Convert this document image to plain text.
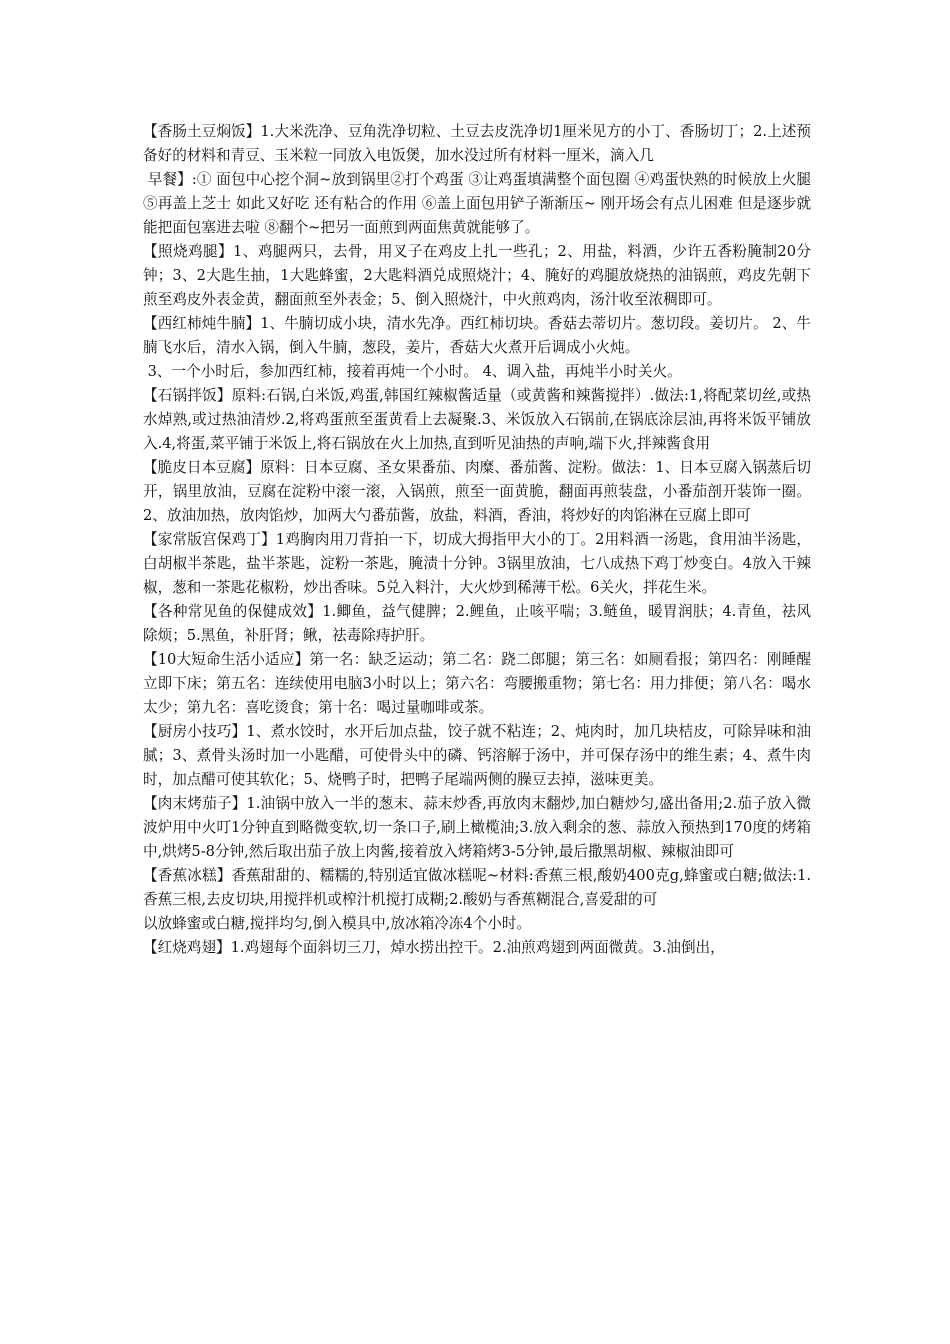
【香肠土豆焖饭】1.大米洗净、豆角洗净切粒、土豆去皮洗净切1厘米见方的小丁、香肠切丁；2.上述预备好的材料和青豆、玉米粒一同放入电饭煲，加水没过所有材料一厘米，滴入几

早餐】:① 面包中心挖个洞~放到锅里②打个鸡蛋 ③让鸡蛋填满整个面包圈 ④鸡蛋快熟的时候放上火腿 ⑤再盖上芝士 如此又好吃 还有粘合的作用 ⑥盖上面包用铲子渐渐压~ 刚开场会有点儿困难 但是逐步就能把面包塞进去啦 ⑧翻个~把另一面煎到两面焦黄就能够了。

【照烧鸡腿】1、鸡腿两只，去骨，用叉子在鸡皮上扎一些孔；2、用盐，料酒，少许五香粉腌制20分钟；3、2大匙生抽，1大匙蜂蜜，2大匙料酒兑成照烧汁；4、腌好的鸡腿放烧热的油锅煎，鸡皮先朝下煎至鸡皮外表金黄，翻面煎至外表金；5、倒入照烧汁，中火煎鸡肉，汤汁收至浓稠即可。

【西红柿炖牛腩】1、牛腩切成小块，清水先净。西红柿切块。香菇去蒂切片。葱切段。姜切片。 2、牛腩飞水后，清水入锅，倒入牛腩，葱段，姜片，香菇大火煮开后调成小火炖。

3、一个小时后，参加西红柿，接着再炖一个小时。 4、调入盐，再炖半小时关火。

【石锅拌饭】原料:石锅,白米饭,鸡蛋,韩国红辣椒酱适量（或黄酱和辣酱搅拌）.做法:1,将配菜切丝,或热水焯熟,或过热油清炒.2,将鸡蛋煎至蛋黄看上去凝聚.3、米饭放入石锅前,在锅底涂层油,再将米饭平铺放入.4,将蛋,菜平铺于米饭上,将石锅放在火上加热,直到听见油热的声响,端下火,拌辣酱食用

【脆皮日本豆腐】原料：日本豆腐、圣女果番茄、肉糜、番茄酱、淀粉。做法：1、日本豆腐入锅蒸后切开，锅里放油，豆腐在淀粉中滚一滚，入锅煎，煎至一面黄脆，翻面再煎装盘，小番茄剖开装饰一圈。2、放油加热，放肉馅炒，加两大勺番茄酱，放盐，料酒，香油，将炒好的肉馅淋在豆腐上即可

【家常版宫保鸡丁】1鸡胸肉用刀背拍一下，切成大拇指甲大小的丁。2用料酒一汤匙，食用油半汤匙，白胡椒半茶匙，盐半茶匙，淀粉一茶匙，腌渍十分钟。3锅里放油，七八成热下鸡丁炒变白。4放入干辣椒，葱和一茶匙花椒粉，炒出香味。5兑入料汁，大火炒到稀薄干松。6关火，拌花生米。

【各种常见鱼的保健成效】1.鲫鱼，益气健脾；2.鲤鱼，止咳平喘；3.鲢鱼，暖胃润肤；4.青鱼，祛风除烦；5.黑鱼，补肝肾；鳅，祛毒除痔护肝。

【10大短命生活小适应】第一名：缺乏运动；第二名：跷二郎腿；第三名：如厕看报；第四名：刚睡醒立即下床；第五名：连续使用电脑3小时以上；第六名：弯腰搬重物；第七名：用力排便；第八名：喝水太少；第九名：喜吃烫食；第十名：喝过量咖啡或茶。

【厨房小技巧】1、煮水饺时，水开后加点盐，饺子就不粘连；2、炖肉时，加几块桔皮，可除异味和油腻；3、煮骨头汤时加一小匙醋，可使骨头中的磷、钙溶解于汤中，并可保存汤中的维生素；4、煮牛肉时，加点醋可使其软化；5、烧鸭子时，把鸭子尾端两侧的臊豆去掉，滋味更美。

【肉末烤茄子】1.油锅中放入一半的葱末、蒜末炒香,再放肉末翻炒,加白糖炒匀,盛出备用;2.茄子放入微波炉用中火叮1分钟直到略微变软,切一条口子,刷上橄榄油;3.放入剩余的葱、蒜放入预热到170度的烤箱中,烘烤5-8分钟,然后取出茄子放上肉酱,接着放入烤箱烤3-5分钟,最后撒黑胡椒、辣椒油即可

【香蕉冰糕】香蕉甜甜的、糯糯的,特别适宜做冰糕呢~材料:香蕉三根,酸奶400克g,蜂蜜或白糖;做法:1.香蕉三根,去皮切块,用搅拌机或榨汁机搅打成糊;2.酸奶与香蕉糊混合,喜爱甜的可

以放蜂蜜或白糖,搅拌均匀,倒入模具中,放冰箱冷冻4个小时。

【红烧鸡翅】1.鸡翅每个面斜切三刀，焯水捞出控干。2.油煎鸡翅到两面微黄。3.油倒出，
